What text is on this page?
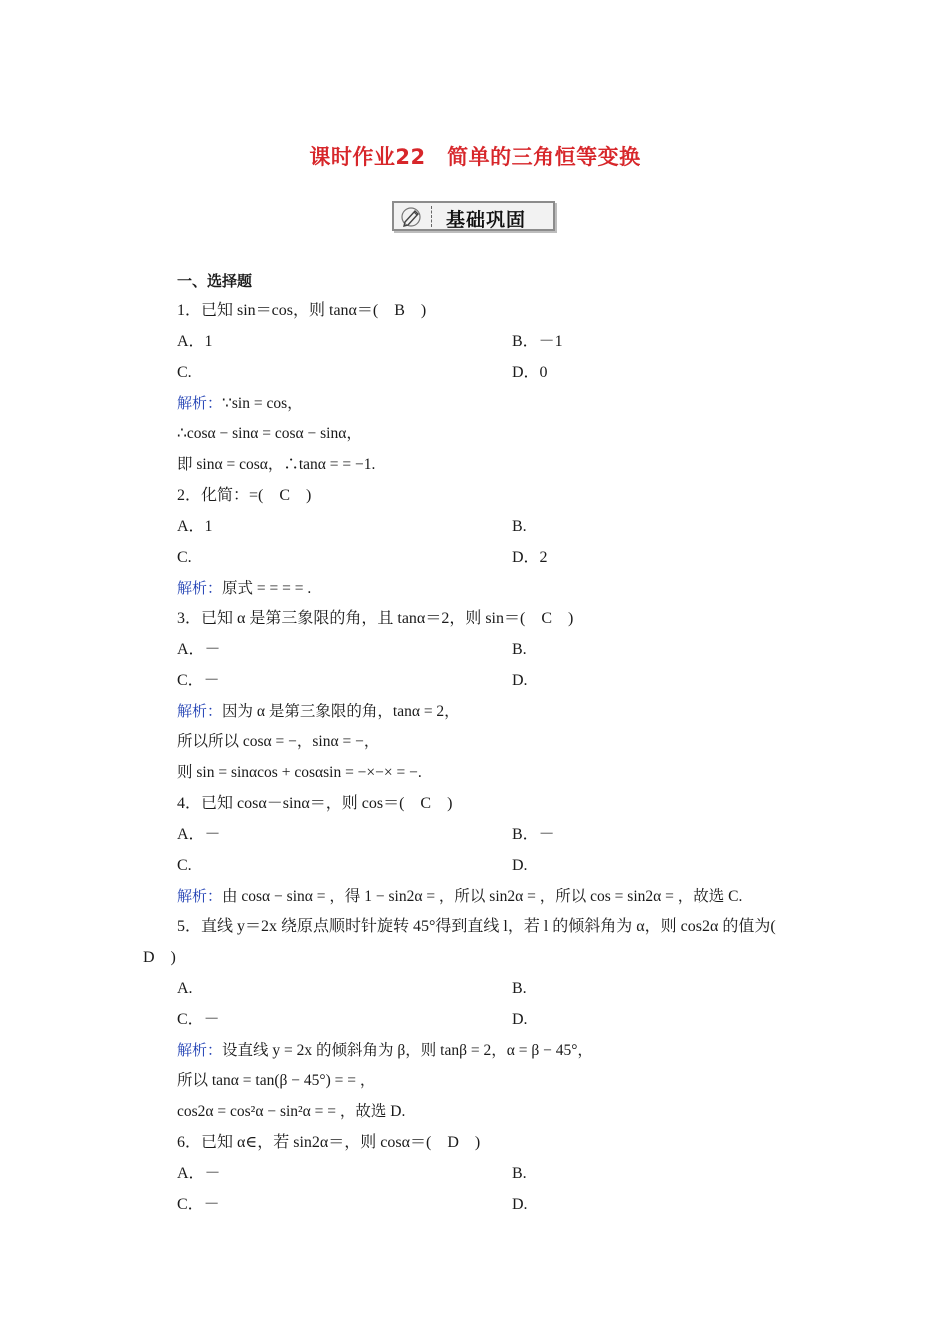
课时作业22　简单的三角恒等变换
基础巩固
一、选择题
1．已知 sin＝cos，则 tanα＝(　B　)
A．1	B．－1
C.	D．0
解析：∵sin = cos，
∴cosα − sinα = cosα − sinα，
即 sinα = cosα，∴tanα = = −1.
2．化简：=(　C　)
A．1	B.
C.	D．2
解析：原式 = = = = .
3．已知 α 是第三象限的角，且 tanα＝2，则 sin＝(　C　)
A．－	B.
C．－	D.
解析：因为 α 是第三象限的角，tanα = 2，
所以所以 cosα = −，sinα = −，
则 sin = sinαcos + cosαsin = −×−× = −.
4．已知 cosα－sinα＝，则 cos＝(　C　)
A．－	B．－
C.	D.
解析：由 cosα − sinα = ，得 1 − sin2α = ，所以 sin2α = ，所以 cos = sin2α = ，故选 C.
5．直线 y＝2x 绕原点顺时针旋转 45°得到直线 l，若 l 的倾斜角为 α，则 cos2α 的值为(
D　)
A.	B.
C．－	D.
解析：设直线 y = 2x 的倾斜角为 β，则 tanβ = 2，α = β − 45°，
所以 tanα = tan(β − 45°) = = ，
cos2α = cos²α − sin²α = = ，故选 D.
6．已知 α∈，若 sin2α＝，则 cosα＝(　D　)
A．－	B.
C．－	D.
